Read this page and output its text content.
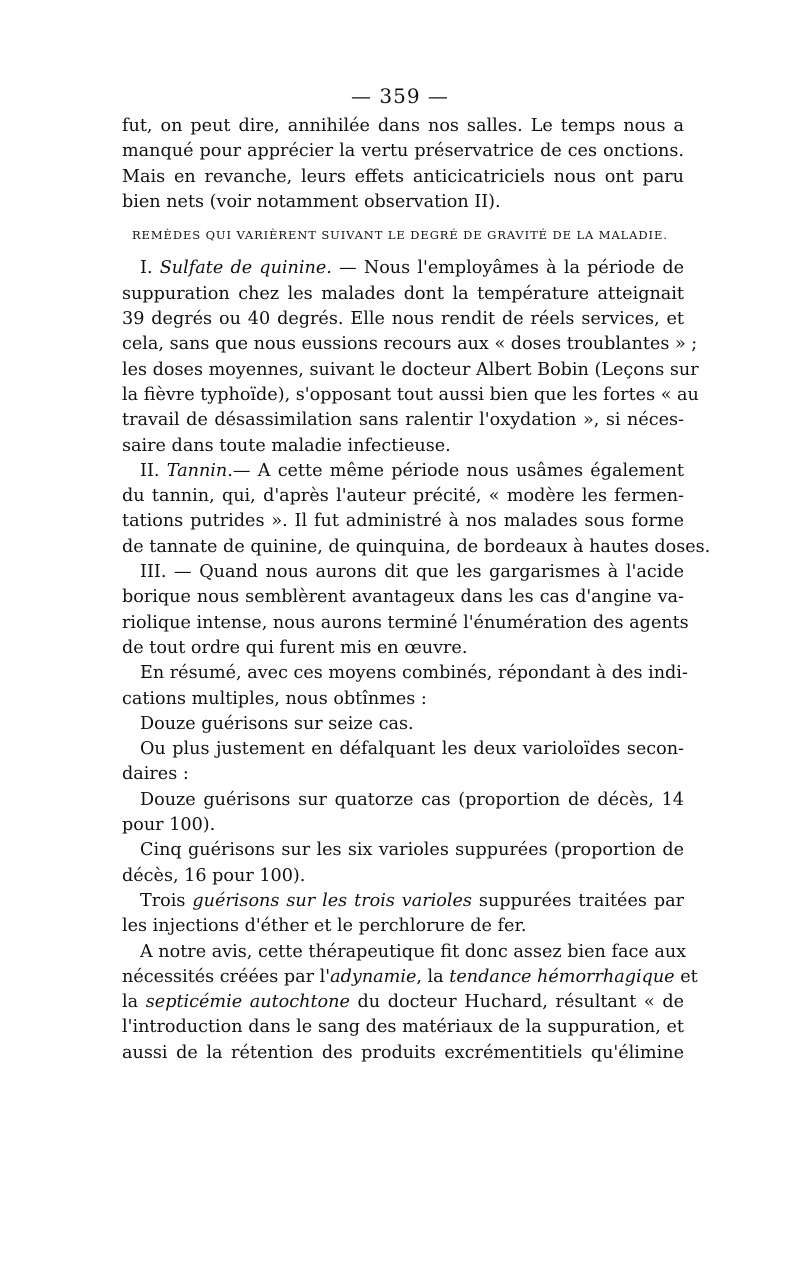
— 359 —
fut, on peut dire, annihilée dans nos salles. Le temps nous a
manqué pour apprécier la vertu préservatrice de ces onctions.
Mais en revanche, leurs effets anticicatriciels nous ont paru
bien nets (voir notamment observation II).
REMÈDES QUI VARIÈRENT SUIVANT LE DEGRÉ DE GRAVITÉ DE LA MALADIE.
I. Sulfate de quinine. — Nous l'employâmes à la période de
suppuration chez les malades dont la température atteignait
39 degrés ou 40 degrés. Elle nous rendit de réels services, et
cela, sans que nous eussions recours aux « doses troublantes » ;
les doses moyennes, suivant le docteur Albert Bobin (Leçons sur
la fièvre typhoïde), s'opposant tout aussi bien que les fortes « au
travail de désassimilation sans ralentir l'oxydation », si néces-
saire dans toute maladie infectieuse.
II. Tannin.— A cette même période nous usâmes également
du tannin, qui, d'après l'auteur précité, « modère les fermen-
tations putrides ». Il fut administré à nos malades sous forme
de tannate de quinine, de quinquina, de bordeaux à hautes doses.
III. — Quand nous aurons dit que les gargarismes à l'acide
borique nous semblèrent avantageux dans les cas d'angine va-
riolique intense, nous aurons terminé l'énumération des agents
de tout ordre qui furent mis en œuvre.
En résumé, avec ces moyens combinés, répondant à des indi-
cations multiples, nous obtînmes :
Douze guérisons sur seize cas.
Ou plus justement en défalquant les deux varioloïdes secon-
daires :
Douze guérisons sur quatorze cas (proportion de décès, 14
pour 100).
Cinq guérisons sur les six varioles suppurées (proportion de
décès, 16 pour 100).
Trois guérisons sur les trois varioles suppurées traitées par
les injections d'éther et le perchlorure de fer.
A notre avis, cette thérapeutique fit donc assez bien face aux
nécessités créées par l'adynamie, la tendance hémorrhagique et
la septicémie autochtone du docteur Huchard, résultant « de
l'introduction dans le sang des matériaux de la suppuration, et
aussi de la rétention des produits excrémentitiels qu'élimine
